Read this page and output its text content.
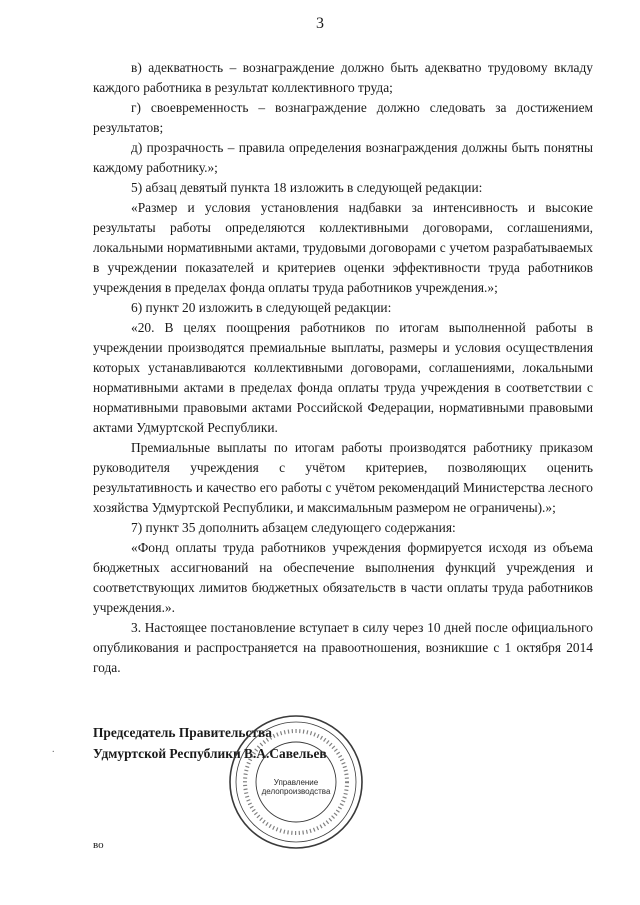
3

в) адекватность – вознаграждение должно быть адекватно трудовому вкладу каждого работника в результат коллективного труда;

г) своевременность – вознаграждение должно следовать за достижением результатов;

д) прозрачность – правила определения вознаграждения должны быть понятны каждому работнику.»;

5) абзац девятый пункта 18 изложить в следующей редакции:

«Размер и условия установления надбавки за интенсивность и высокие результаты работы определяются коллективными договорами, соглашениями, локальными нормативными актами, трудовыми договорами с учетом разрабатываемых в учреждении показателей и критериев оценки эффективности труда работников учреждения в пределах фонда оплаты труда работников учреждения.»;

6) пункт 20 изложить в следующей редакции:

«20. В целях поощрения работников по итогам выполненной работы в учреждении производятся премиальные выплаты, размеры и условия осуществления которых устанавливаются коллективными договорами, соглашениями, локальными нормативными актами в пределах фонда оплаты труда учреждения в соответствии с нормативными правовыми актами Российской Федерации, нормативными правовыми актами Удмуртской Республики.

Премиальные выплаты по итогам работы производятся работнику приказом руководителя учреждения с учётом критериев, позволяющих оценить результативность и качество его работы с учётом рекомендаций Министерства лесного хозяйства Удмуртской Республики, и максимальным размером не ограничены).»;

7) пункт 35 дополнить абзацем следующего содержания:

«Фонд оплаты труда работников учреждения формируется исходя из объема бюджетных ассигнований на обеспечение выполнения функций учреждения и соответствующих лимитов бюджетных обязательств в части оплаты труда работников учреждения.».

3. Настоящее постановление вступает в силу через 10 дней после официального опубликования и распространяется на правоотношения, возникшие с 1 октября 2014 года.

.
Председатель Правительства
Удмуртской Республики В.А.Савельев
Управление
делопроизводства
во
